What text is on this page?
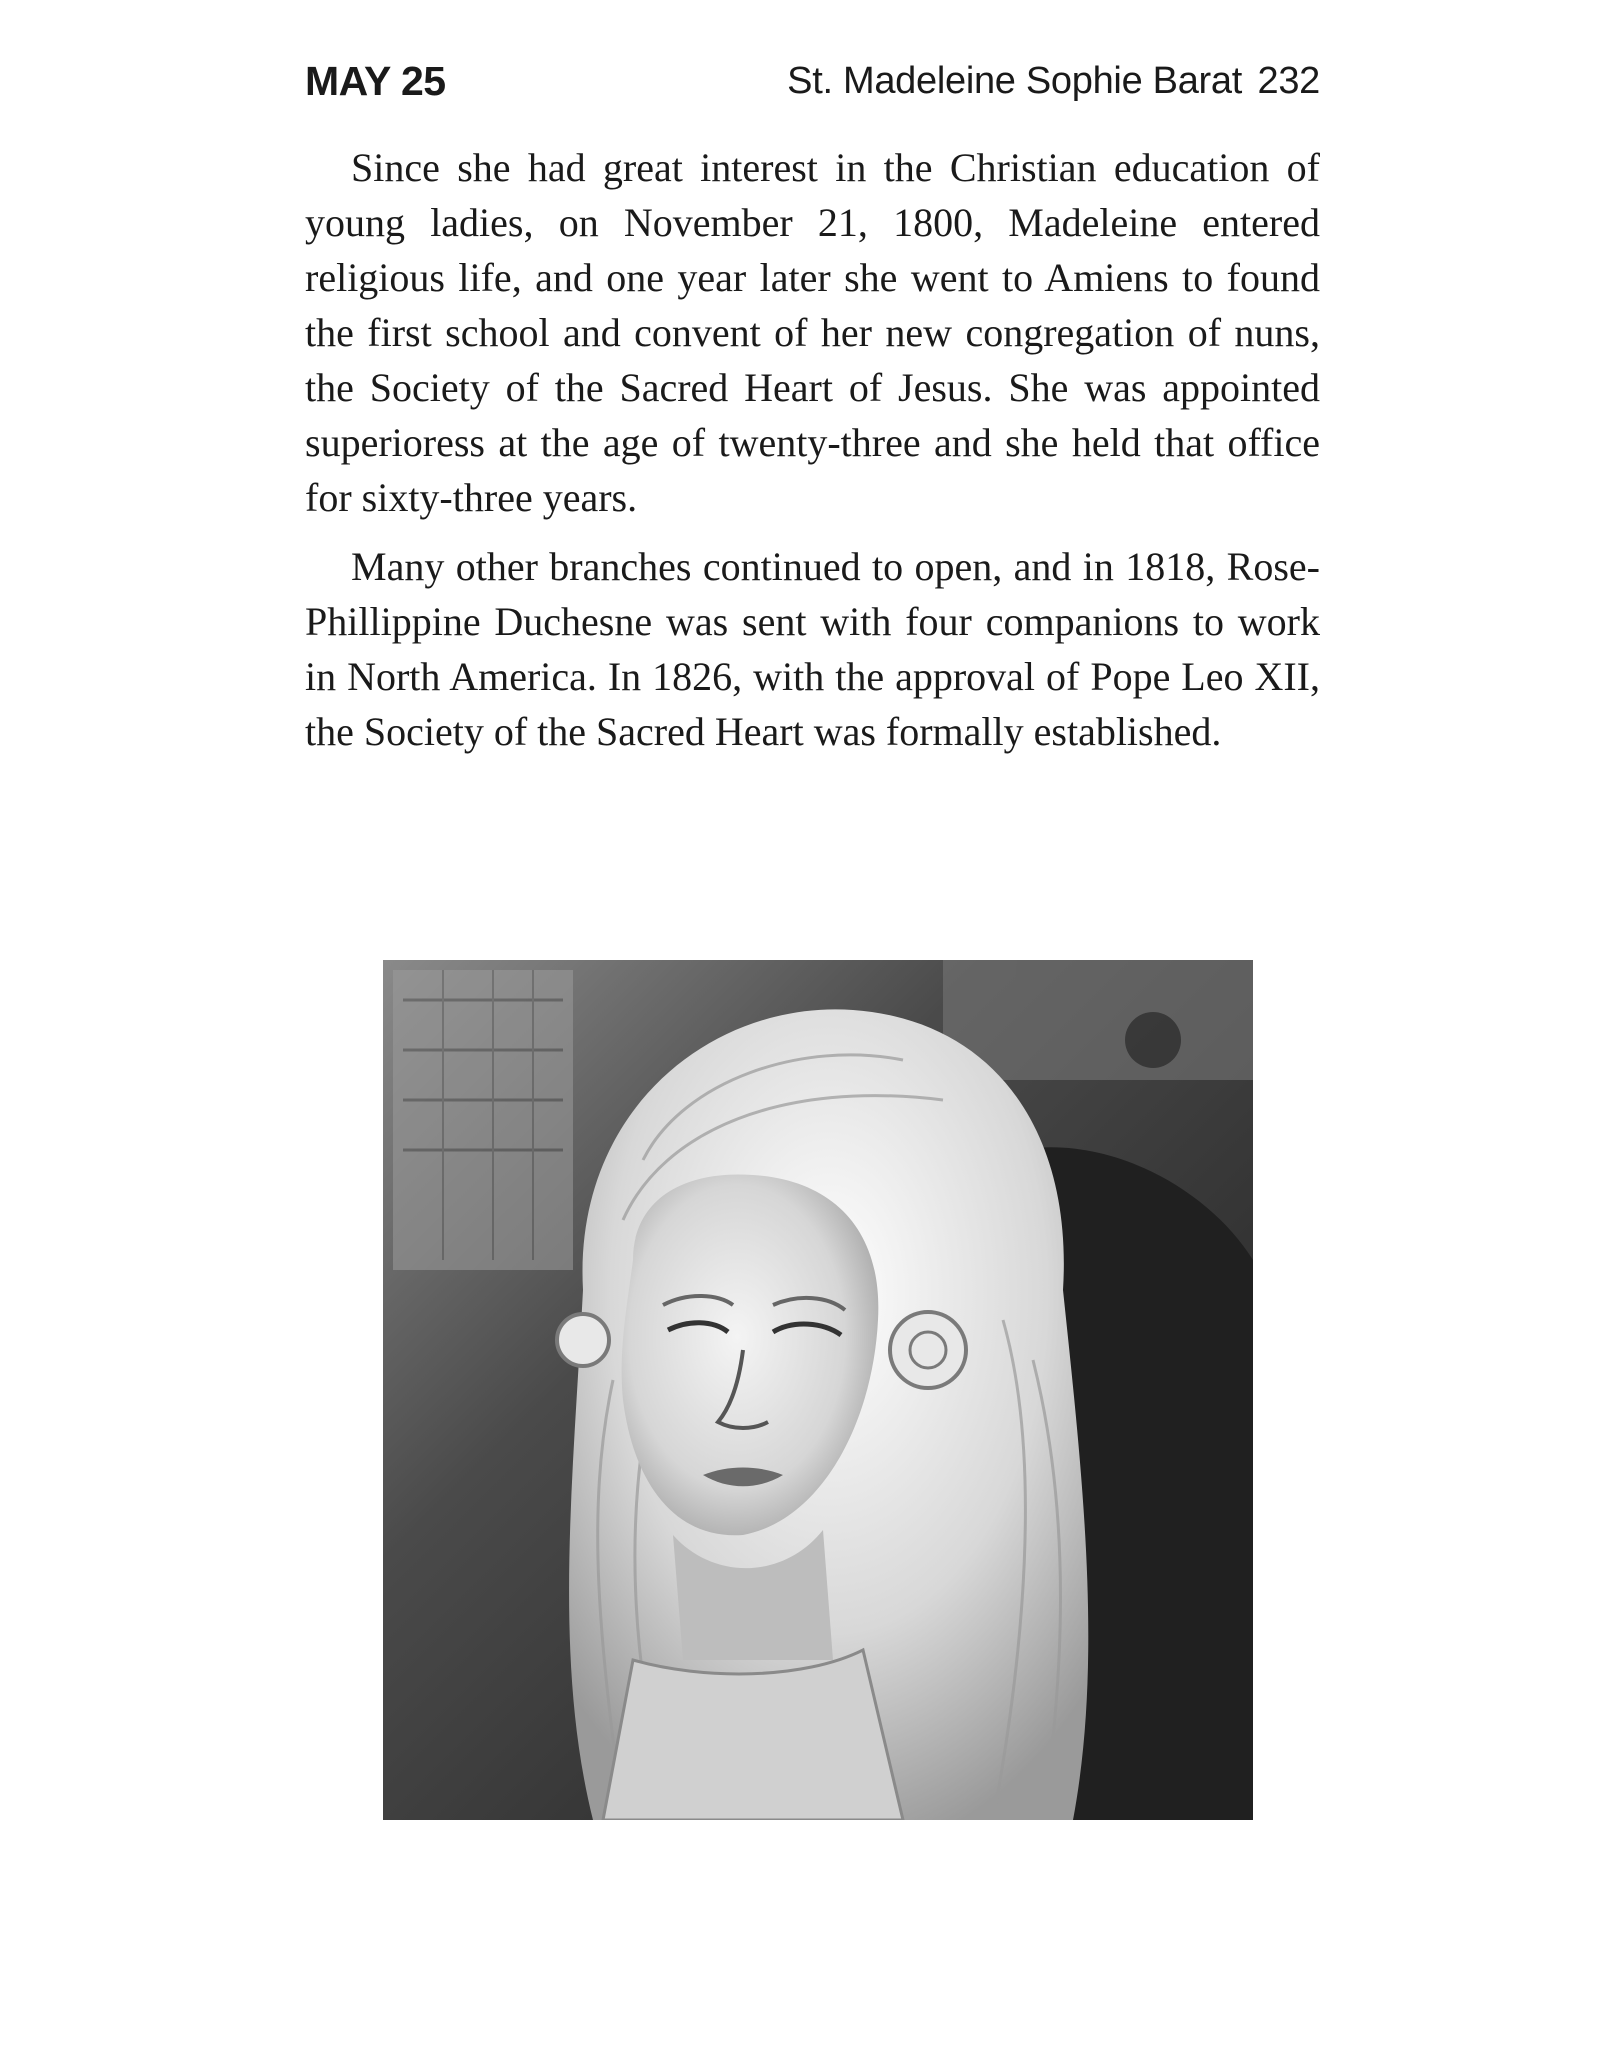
MAY 25	St. Madeleine Sophie Barat 232

Since she had great interest in the Christian education of young ladies, on November 21, 1800, Madeleine entered religious life, and one year later she went to Amiens to found the first school and convent of her new congregation of nuns, the Society of the Sacred Heart of Jesus. She was appointed superioress at the age of twenty-three and she held that office for sixty-three years.

Many other branches continued to open, and in 1818, Rose-Phillippine Duchesne was sent with four companions to work in North America. In 1826, with the approval of Pope Leo XII, the Society of the Sacred Heart was formally established.
